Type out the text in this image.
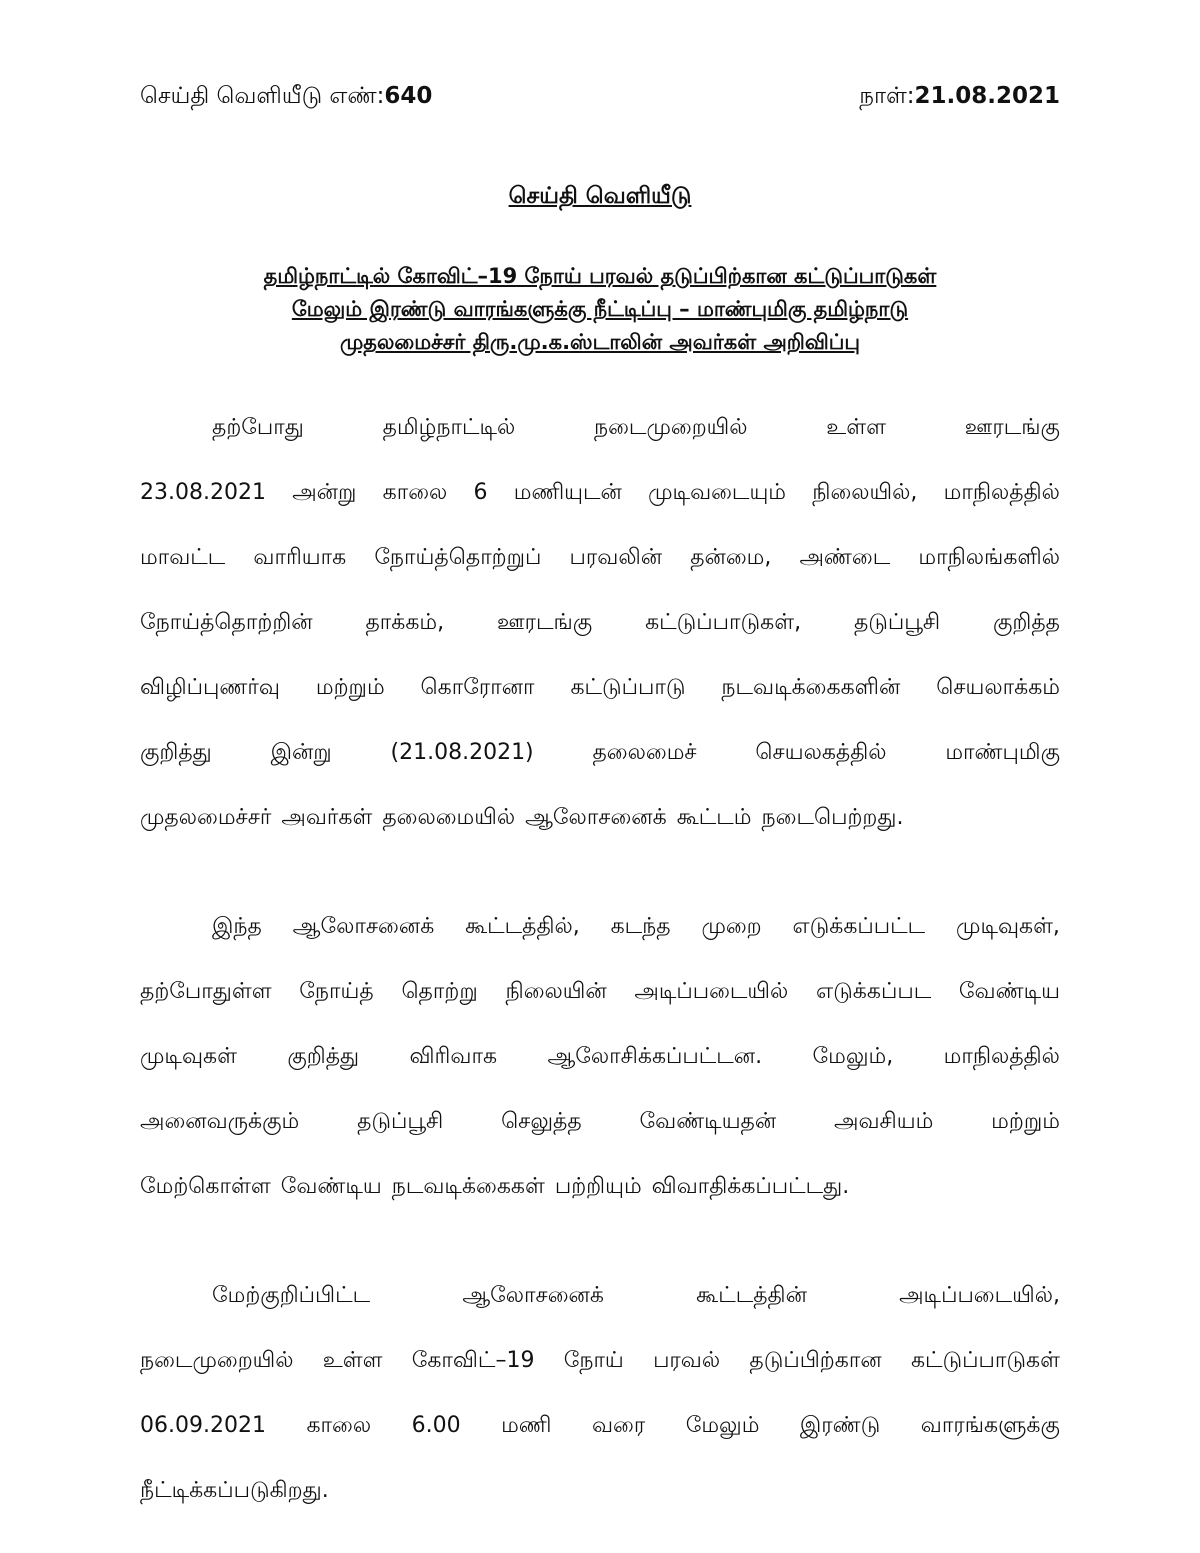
செய்தி வெளியீடு எண்:640	நாள்:21.08.2021
செய்தி வெளியீடு
தமிழ்நாட்டில் கோவிட்–19 நோய் பரவல் தடுப்பிற்கான கட்டுப்பாடுகள்
மேலும் இரண்டு வாரங்களுக்கு நீட்டிப்பு – மாண்புமிகு தமிழ்நாடு
முதலமைச்சர் திரு.மு.க.ஸ்டாலின் அவர்கள் அறிவிப்பு
தற்போது	தமிழ்நாட்டில்	நடைமுறையில்	உள்ள	ஊரடங்கு
23.08.2021 அன்று காலை 6 மணியுடன் முடிவடையும் நிலையில், மாநிலத்தில்
மாவட்ட வாரியாக நோய்த்தொற்றுப் பரவலின் தன்மை, அண்டை மாநிலங்களில்
நோய்த்தொற்றின் தாக்கம், ஊரடங்கு கட்டுப்பாடுகள், தடுப்பூசி குறித்த
விழிப்புணர்வு மற்றும் கொரோனா கட்டுப்பாடு நடவடிக்கைகளின் செயலாக்கம்
குறித்து	இன்று	(21.08.2021)	தலைமைச்	செயலகத்தில்	மாண்புமிகு
முதலமைச்சர் அவர்கள் தலைமையில் ஆலோசனைக் கூட்டம் நடைபெற்றது.
இந்த ஆலோசனைக் கூட்டத்தில், கடந்த முறை எடுக்கப்பட்ட முடிவுகள்,
தற்போதுள்ள நோய்த் தொற்று நிலையின் அடிப்படையில் எடுக்கப்பட வேண்டிய
முடிவுகள் குறித்து விரிவாக ஆலோசிக்கப்பட்டன. மேலும், மாநிலத்தில்
அனைவருக்கும்	தடுப்பூசி	செலுத்த	வேண்டியதன்	அவசியம்	மற்றும்
மேற்கொள்ள வேண்டிய நடவடிக்கைகள் பற்றியும் விவாதிக்கப்பட்டது.
மேற்குறிப்பிட்ட	ஆலோசனைக்	கூட்டத்தின்	அடிப்படையில்,
நடைமுறையில் உள்ள கோவிட்–19 நோய் பரவல் தடுப்பிற்கான கட்டுப்பாடுகள்
06.09.2021 காலை 6.00 மணி வரை மேலும் இரண்டு வாரங்களுக்கு
நீட்டிக்கப்படுகிறது.
